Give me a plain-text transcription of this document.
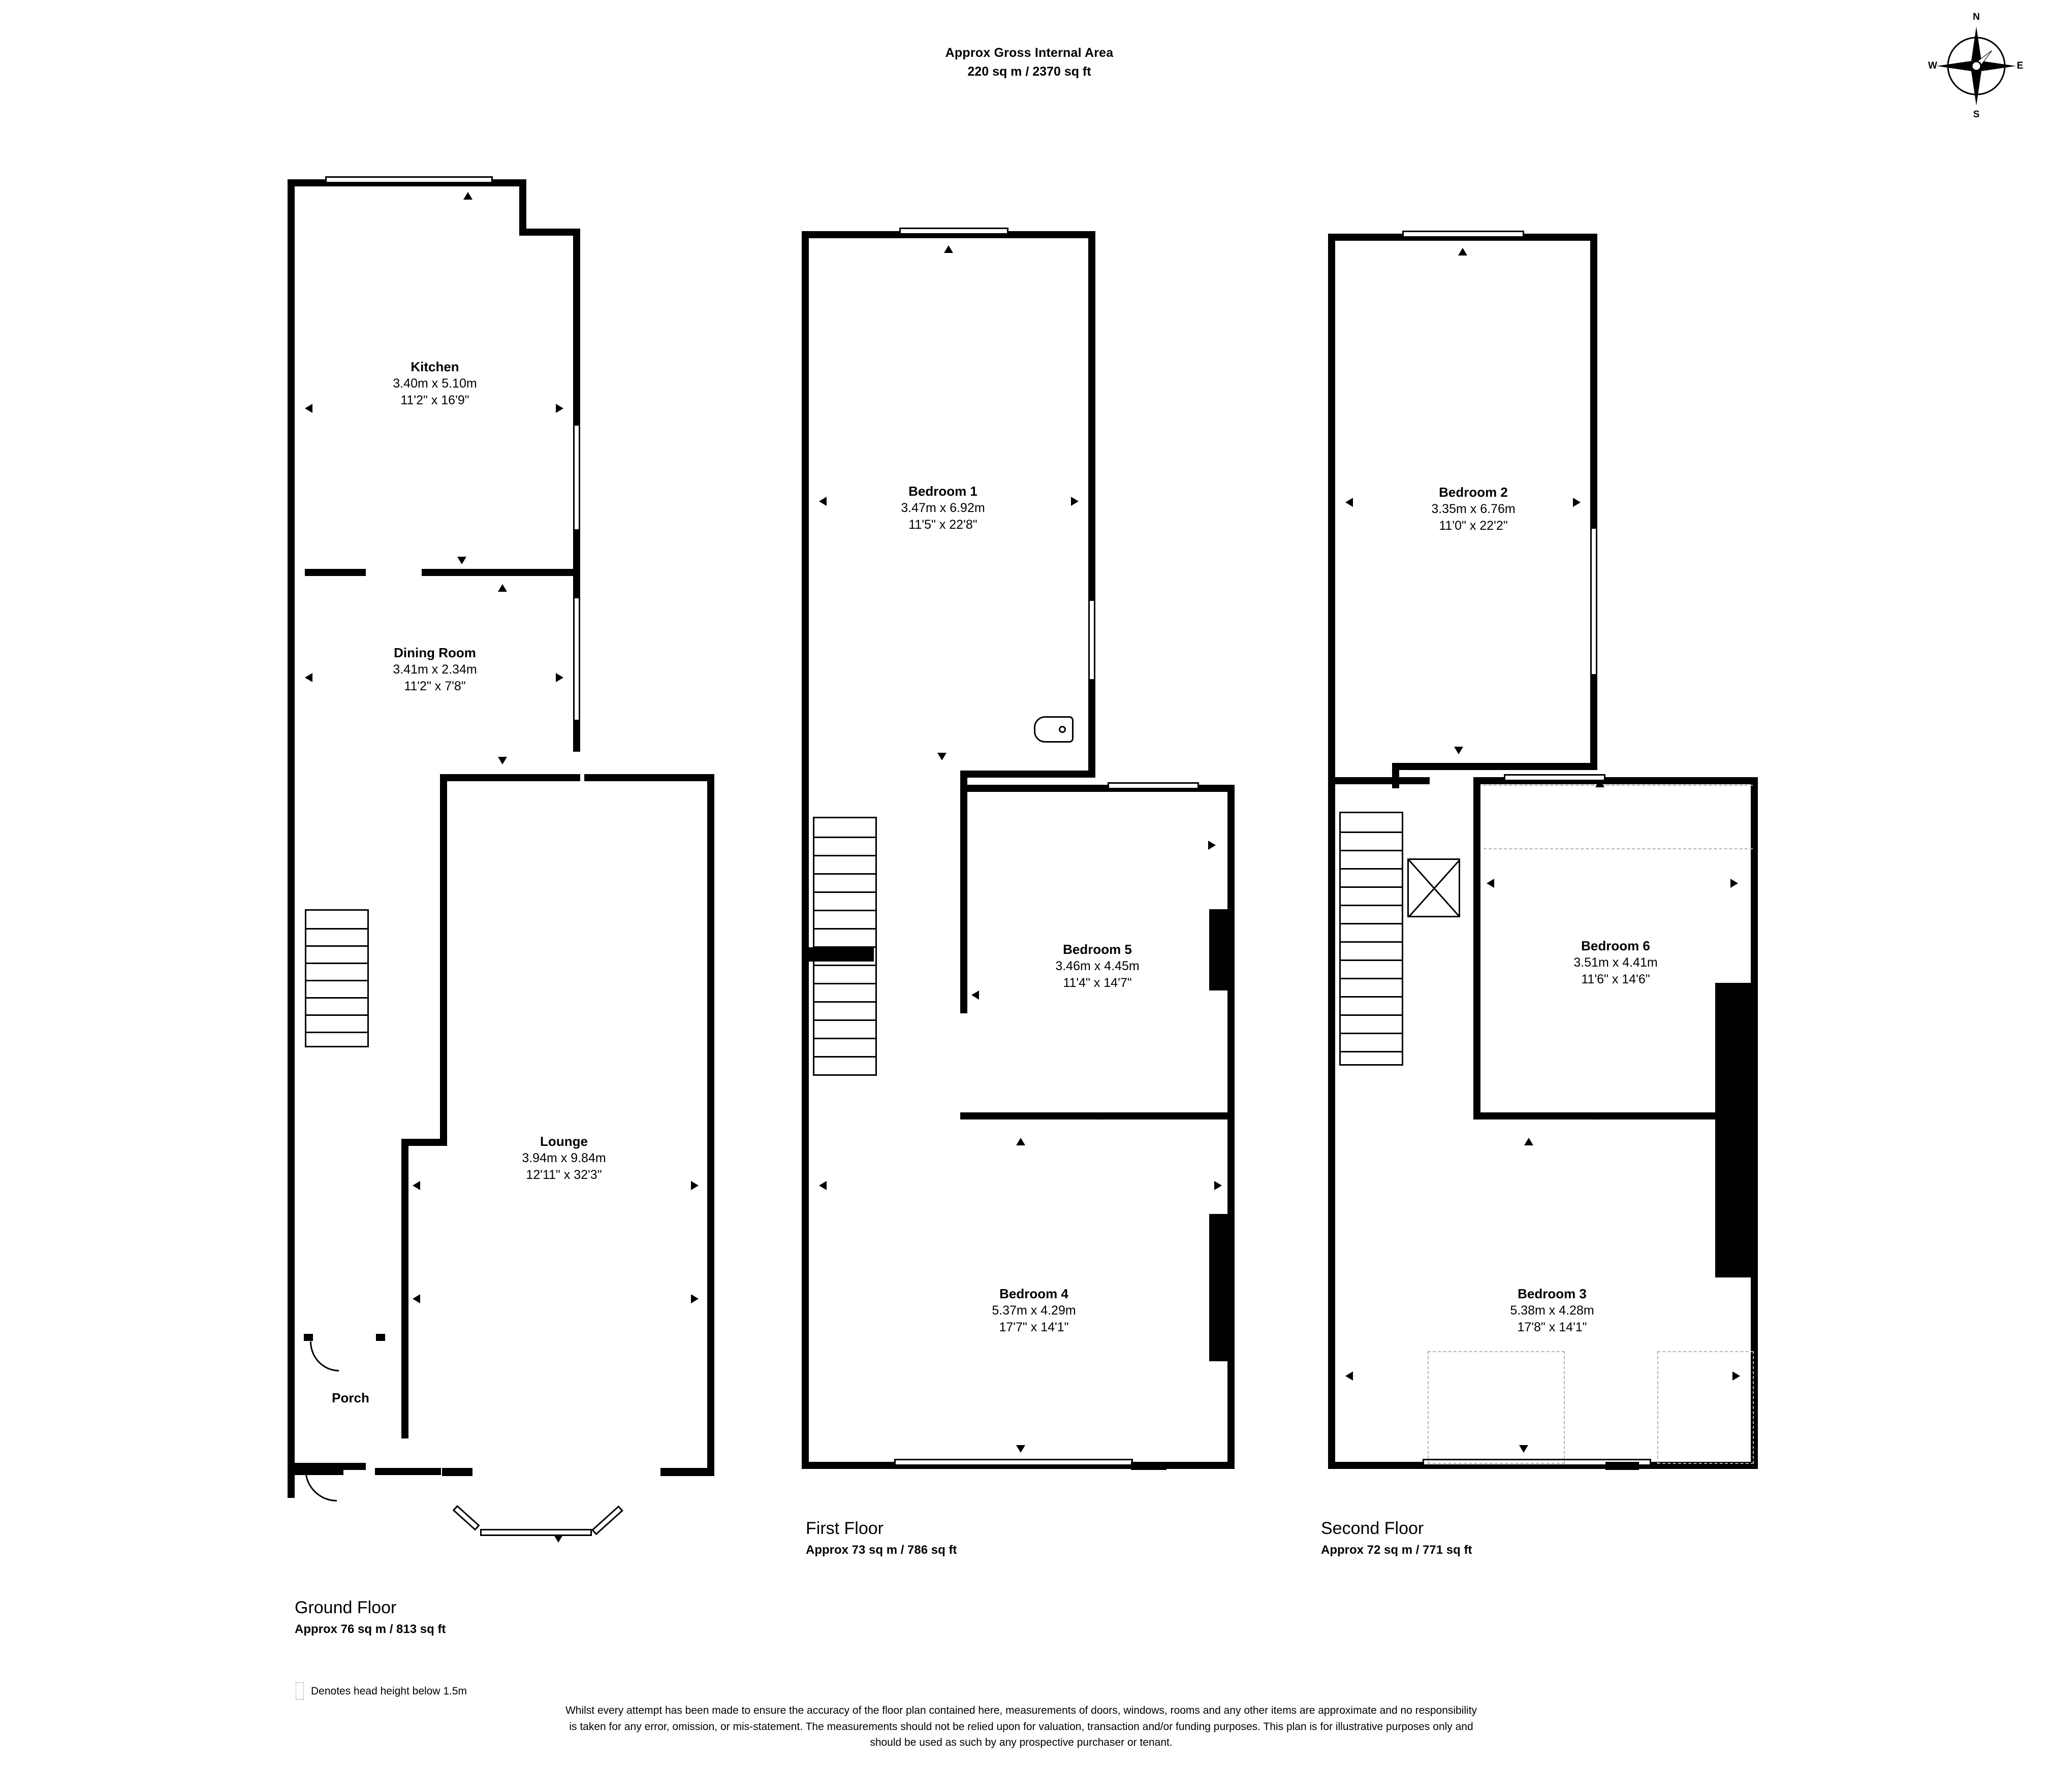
Approx Gross Internal Area
220 sq m / 2370 sq ft
N
E
S
W
Kitchen
3.40m x 5.10m
11'2" x 16'9"
Dining Room
3.41m x 2.34m
11'2" x 7'8"
Lounge
3.94m x 9.84m
12'11" x 32'3"
Porch
Ground Floor
Approx 76 sq m / 813 sq ft
Bedroom 1
3.47m x 6.92m
11'5" x 22'8"
Bedroom 5
3.46m x 4.45m
11'4" x 14'7"
Bedroom 4
5.37m x 4.29m
17'7" x 14'1"
First Floor
Approx 73 sq m / 786 sq ft
Bedroom 2
3.35m x 6.76m
11'0" x 22'2"
Bedroom 6
3.51m x 4.41m
11'6" x 14'6"
Bedroom 3
5.38m x 4.28m
17'8" x 14'1"
Second Floor
Approx 72 sq m / 771 sq ft
Denotes head height below 1.5m
Whilst every attempt has been made to ensure the accuracy of the floor plan contained here, measurements of doors, windows, rooms and any other items are approximate and no responsibility is taken for any error, omission, or mis-statement. The measurements should not be relied upon for valuation, transaction and/or funding purposes. This plan is for illustrative purposes only and should be used as such by any prospective purchaser or tenant.
